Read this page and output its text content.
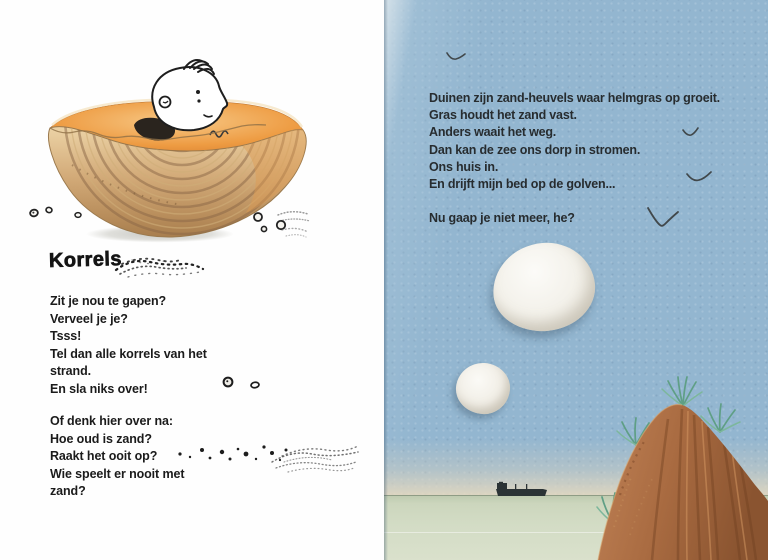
Korrels
Zit je nou te gapen?
Verveel je je?
Tsss!
Tel dan alle korrels van het
strand.
En sla niks over!
Of denk hier over na:
Hoe oud is zand?
Raakt het ooit op?
Wie speelt er nooit met
zand?
Duinen zijn zand-heuvels waar helmgras op groeit.
Gras houdt het zand vast.
Anders waait het weg.
Dan kan de zee ons dorp in stromen.
Ons huis in.
En drijft mijn bed op de golven...
Nu gaap je niet meer, he?
